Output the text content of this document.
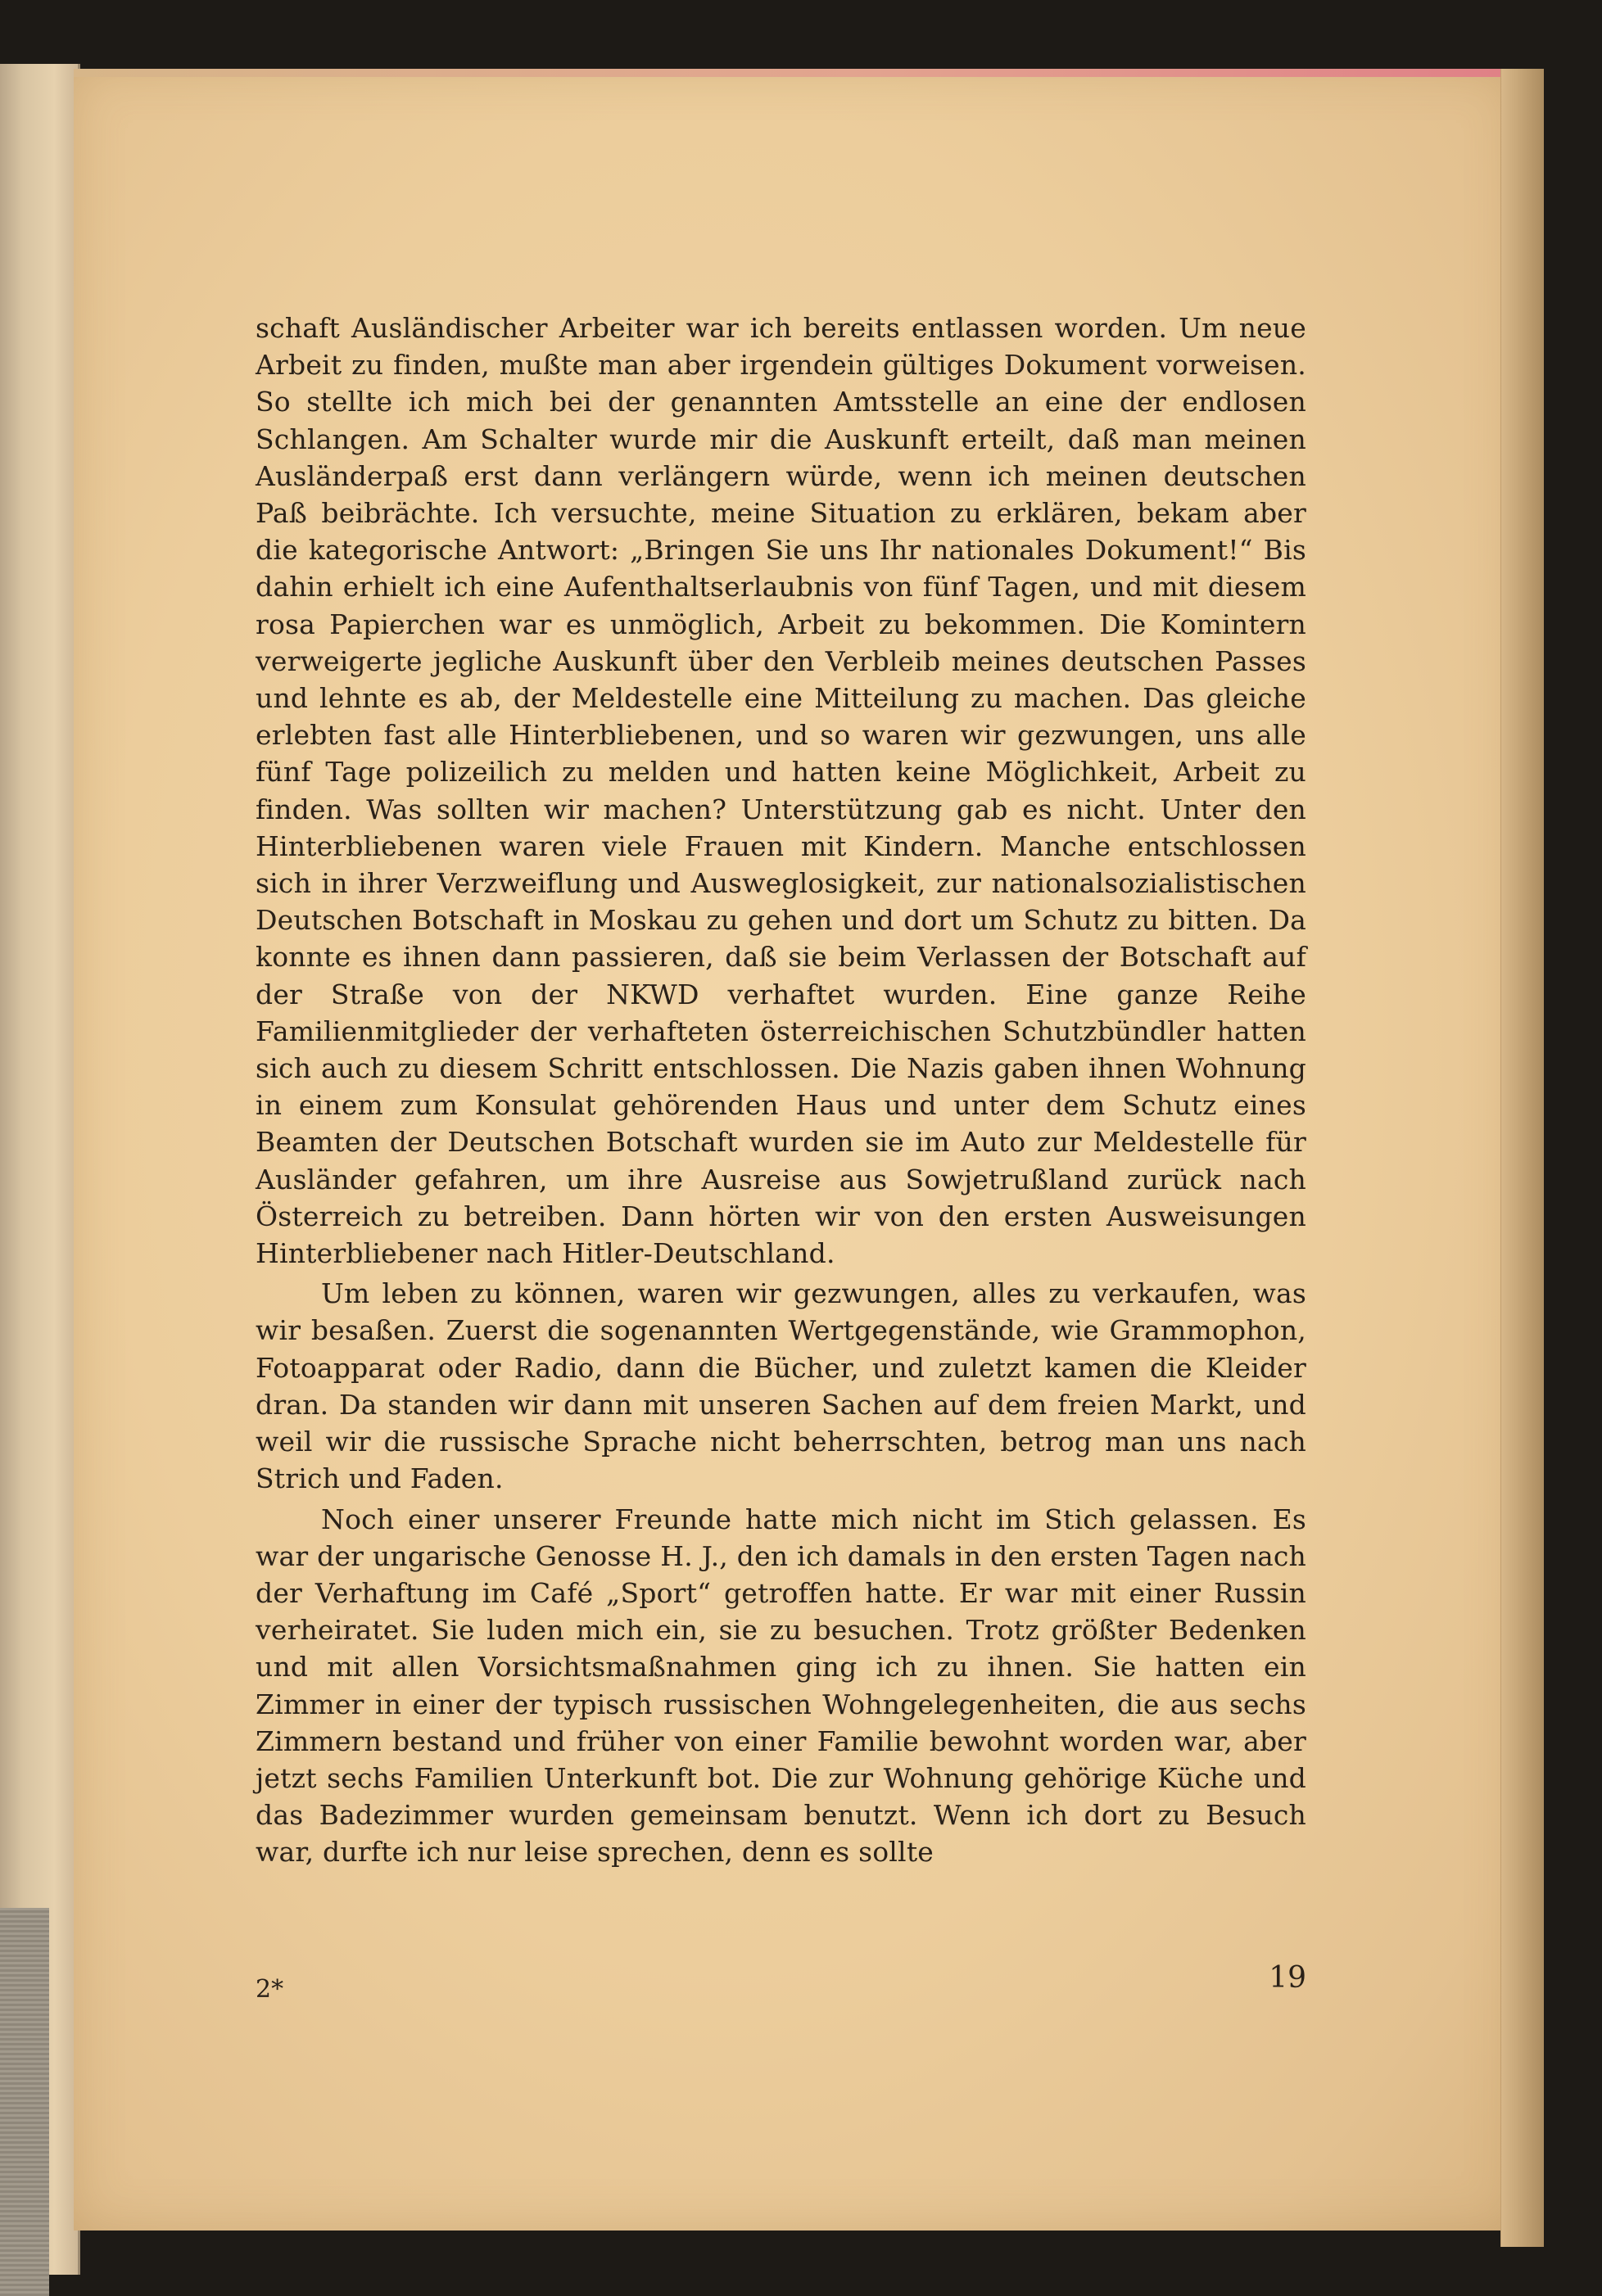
schaft Ausländischer Arbeiter war ich bereits entlassen worden. Um neue Arbeit zu finden, mußte man aber irgendein gültiges Dokument vorweisen. So stellte ich mich bei der genannten Amtsstelle an eine der endlosen Schlangen. Am Schalter wurde mir die Auskunft erteilt, daß man meinen Ausländerpaß erst dann verlängern würde, wenn ich meinen deutschen Paß beibrächte. Ich versuchte, meine Situation zu erklären, bekam aber die kategorische Antwort: „Bringen Sie uns Ihr nationales Dokument!“ Bis dahin erhielt ich eine Aufenthaltserlaubnis von fünf Tagen, und mit diesem rosa Papierchen war es unmöglich, Arbeit zu bekommen. Die Komintern verweigerte jegliche Auskunft über den Verbleib meines deutschen Passes und lehnte es ab, der Meldestelle eine Mitteilung zu machen. Das gleiche erlebten fast alle Hinterbliebenen, und so waren wir gezwungen, uns alle fünf Tage polizeilich zu melden und hatten keine Möglichkeit, Arbeit zu finden. Was sollten wir machen? Unterstützung gab es nicht. Unter den Hinterbliebenen waren viele Frauen mit Kindern. Manche entschlossen sich in ihrer Verzweiflung und Ausweglosigkeit, zur nationalsozialistischen Deutschen Botschaft in Moskau zu gehen und dort um Schutz zu bitten. Da konnte es ihnen dann passieren, daß sie beim Verlassen der Botschaft auf der Straße von der NKWD verhaftet wurden. Eine ganze Reihe Familienmitglieder der verhafteten österreichischen Schutzbündler hatten sich auch zu diesem Schritt entschlossen. Die Nazis gaben ihnen Wohnung in einem zum Konsulat gehörenden Haus und unter dem Schutz eines Beamten der Deutschen Botschaft wurden sie im Auto zur Meldestelle für Ausländer gefahren, um ihre Ausreise aus Sowjetrußland zurück nach Österreich zu betreiben. Dann hörten wir von den ersten Ausweisungen Hinterbliebener nach Hitler-Deutschland.

Um leben zu können, waren wir gezwungen, alles zu verkaufen, was wir besaßen. Zuerst die sogenannten Wertgegenstände, wie Grammophon, Fotoapparat oder Radio, dann die Bücher, und zuletzt kamen die Kleider dran. Da standen wir dann mit unseren Sachen auf dem freien Markt, und weil wir die russische Sprache nicht beherrschten, betrog man uns nach Strich und Faden.

Noch einer unserer Freunde hatte mich nicht im Stich gelassen. Es war der ungarische Genosse H. J., den ich damals in den ersten Tagen nach der Verhaftung im Café „Sport“ getroffen hatte. Er war mit einer Russin verheiratet. Sie luden mich ein, sie zu besuchen. Trotz größter Bedenken und mit allen Vorsichtsmaßnahmen ging ich zu ihnen. Sie hatten ein Zimmer in einer der typisch russischen Wohngelegenheiten, die aus sechs Zimmern bestand und früher von einer Familie bewohnt worden war, aber jetzt sechs Familien Unterkunft bot. Die zur Wohnung gehörige Küche und das Badezimmer wurden gemeinsam benutzt. Wenn ich dort zu Besuch war, durfte ich nur leise sprechen, denn es sollte

2*	19
